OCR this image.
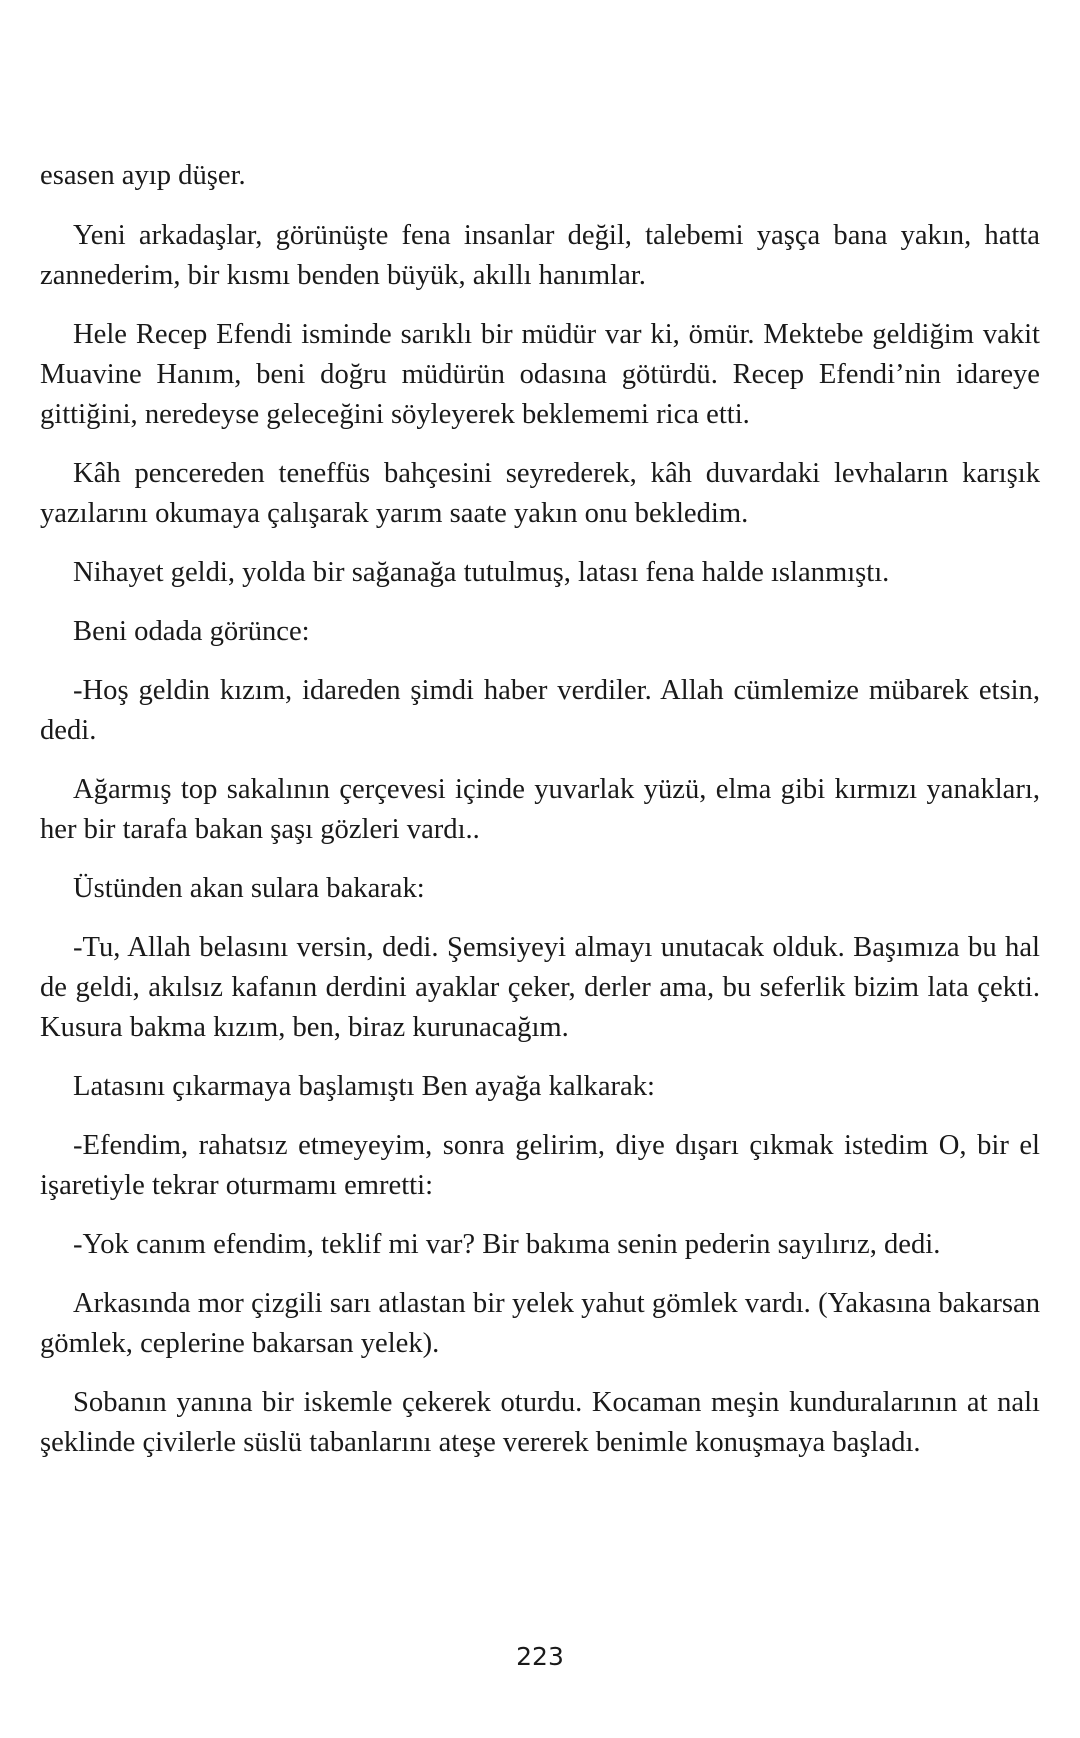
esasen ayıp düşer.

Yeni arkadaşlar, görünüşte fena insanlar değil, talebemi yaşça bana yakın, hatta zannederim, bir kısmı benden büyük, akıllı hanımlar.

Hele Recep Efendi isminde sarıklı bir müdür var ki, ömür. Mektebe geldiğim vakit Muavine Hanım, beni doğru müdürün odasına götürdü. Recep Efendi’nin idareye gittiğini, neredeyse geleceğini söyleyerek beklememi rica etti.

Kâh pencereden teneffüs bahçesini seyrederek, kâh duvardaki levhaların karışık yazılarını okumaya çalışarak yarım saate yakın onu bekledim.

Nihayet geldi, yolda bir sağanağa tutulmuş, latası fena halde ıslanmıştı.

Beni odada görünce:

-Hoş geldin kızım, idareden şimdi haber verdiler. Allah cümlemize mübarek etsin, dedi.

Ağarmış top sakalının çerçevesi içinde yuvarlak yüzü, elma gibi kırmızı yanakları, her bir tarafa bakan şaşı gözleri vardı..

Üstünden akan sulara bakarak:

-Tu, Allah belasını versin, dedi. Şemsiyeyi almayı unutacak olduk. Başımıza bu hal de geldi, akılsız kafanın derdini ayaklar çeker, derler ama, bu seferlik bizim lata çekti. Kusura bakma kızım, ben, biraz kurunacağım.

Latasını çıkarmaya başlamıştı Ben ayağa kalkarak:

-Efendim, rahatsız etmeyeyim, sonra gelirim, diye dışarı çıkmak istedim O, bir el işaretiyle tekrar oturmamı emretti:

-Yok canım efendim, teklif mi var? Bir bakıma senin pederin sayılırız, dedi.

Arkasında mor çizgili sarı atlastan bir yelek yahut gömlek vardı. (Yakasına bakarsan gömlek, ceplerine bakarsan yelek).

Sobanın yanına bir iskemle çekerek oturdu. Kocaman meşin kunduralarının at nalı şeklinde çivilerle süslü tabanlarını ateşe vererek benimle konuşmaya başladı.

223
